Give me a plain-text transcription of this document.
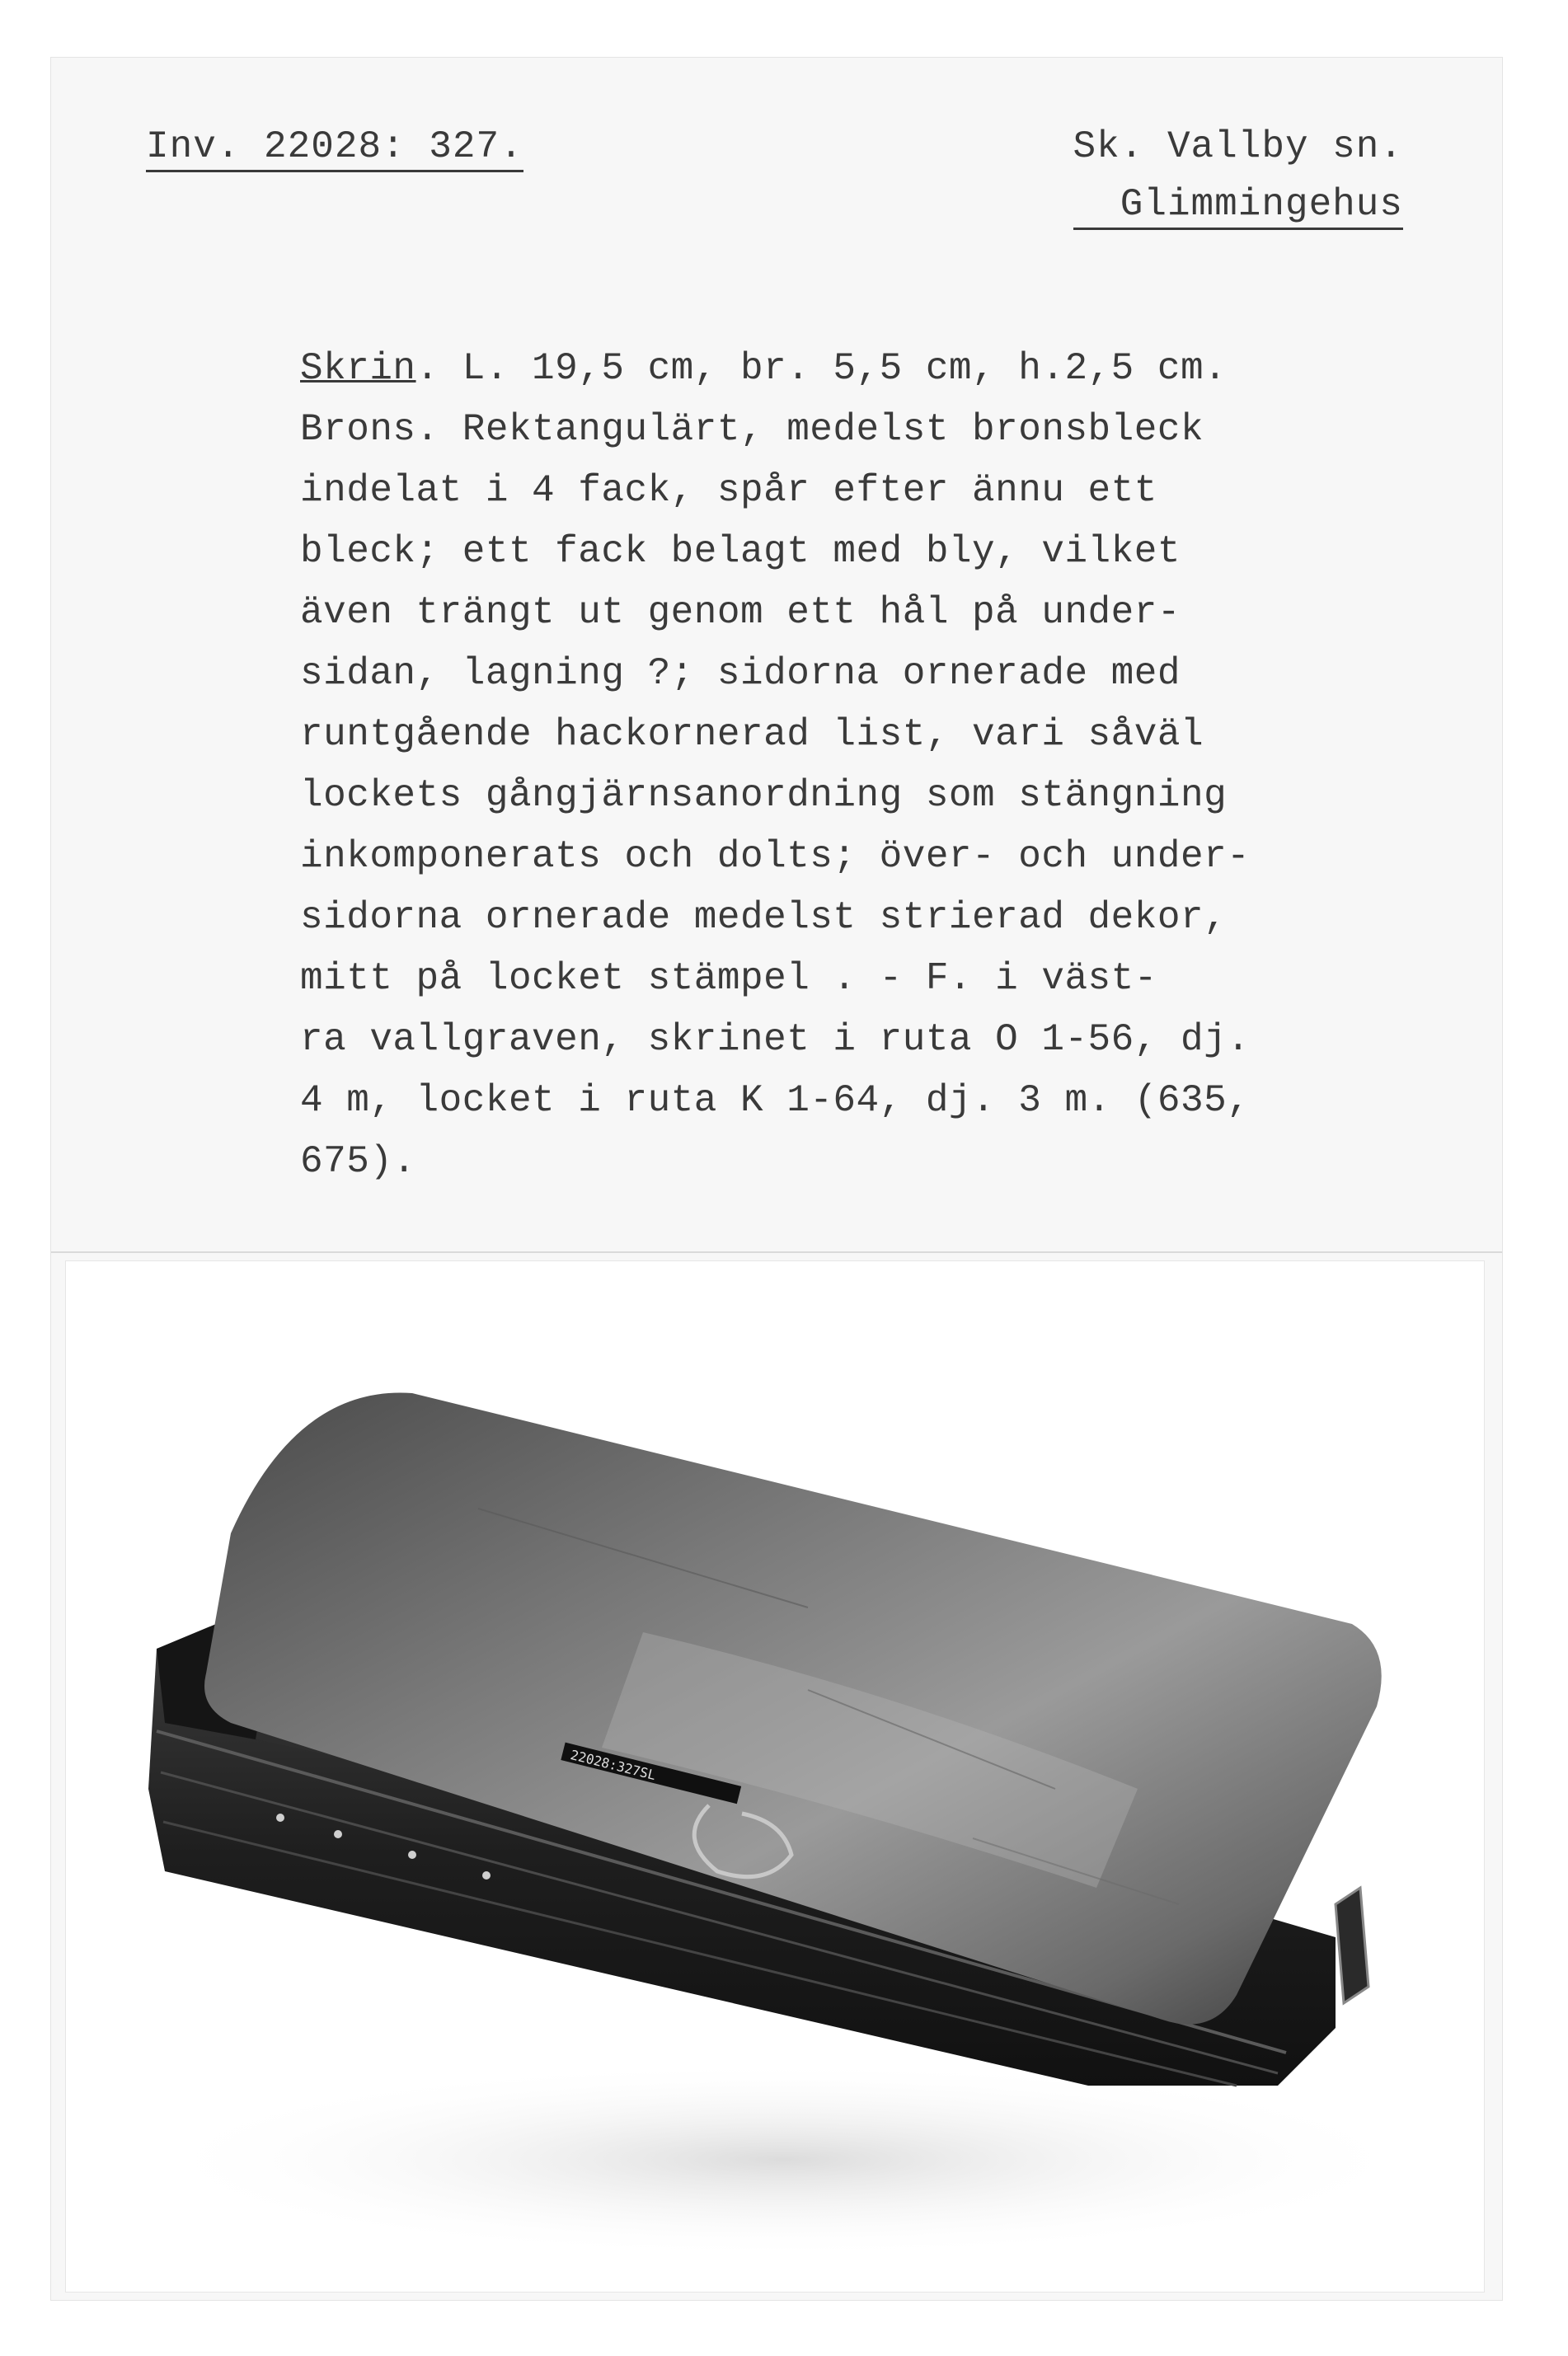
Inv. 22028: 327.	Sk. Vallby sn.
Glimmingehus

Skrin. L. 19,5 cm, br. 5,5 cm, h.2,5 cm.
Brons. Rektangulärt, medelst bronsbleck
indelat i 4 fack, spår efter ännu ett
bleck; ett fack belagt med bly, vilket
även trängt ut genom ett hål på under-
sidan, lagning ?; sidorna ornerade med
runtgående hackornerad list, vari såväl
lockets gångjärnsanordning som stängning
inkomponerats och dolts; över- och under-
sidorna ornerade medelst strierad dekor,
mitt på locket stämpel . - F. i väst-
ra vallgraven, skrinet i ruta O 1-56, dj.
4 m, locket i ruta K 1-64, dj. 3 m. (635,
675).

22028:327SL
